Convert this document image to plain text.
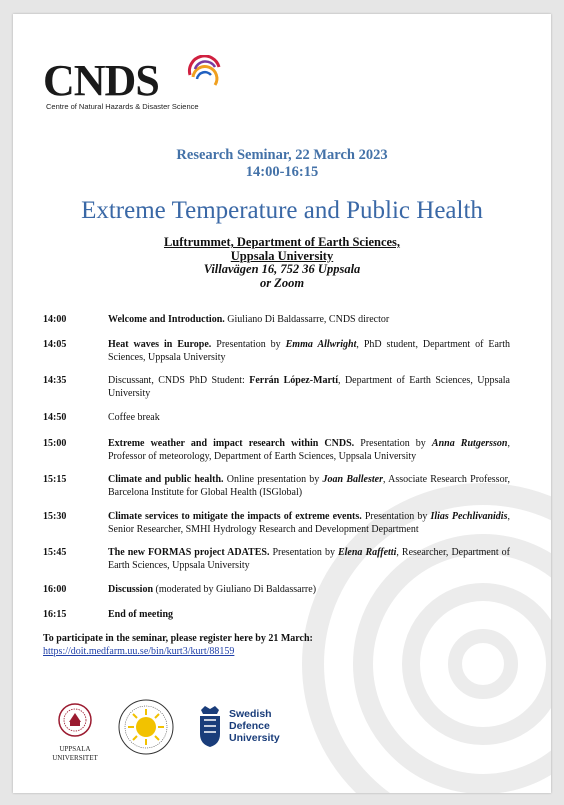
CNDS
Centre of Natural Hazards & Disaster Science
Research Seminar, 22 March 2023
14:00-16:15
Extreme Temperature and Public Health
Luftrummet, Department of Earth Sciences,
Uppsala University
Villavägen 16, 752 36 Uppsala
or Zoom
14:00	Welcome and Introduction. Giuliano Di Baldassarre, CNDS director
14:05	Heat waves in Europe. Presentation by Emma Allwright, PhD student, Department of Earth Sciences, Uppsala University
14:35	Discussant, CNDS PhD Student: Ferrán López-Martí, Department of Earth Sciences, Uppsala University
14:50	Coffee break
15:00	Extreme weather and impact research within CNDS. Presentation by Anna Rutgersson, Professor of meteorology, Department of Earth Sciences, Uppsala University
15:15	Climate and public health. Online presentation by Joan Ballester, Associate Research Professor, Barcelona Institute for Global Health (ISGlobal)
15:30	Climate services to mitigate the impacts of extreme events. Presentation by Ilias Pechlivanidis, Senior Researcher, SMHI Hydrology Research and Development Department
15:45	The new FORMAS project ADATES. Presentation by Elena Raffetti, Researcher, Department of Earth Sciences, Uppsala University
16:00	Discussion (moderated by Giuliano Di Baldassarre)
16:15	End of meeting
To participate in the seminar, please register here by 21 March:
https://doit.medfarm.uu.se/bin/kurt3/kurt/88159
UPPSALA
UNIVERSITET
Swedish
Defence
University
